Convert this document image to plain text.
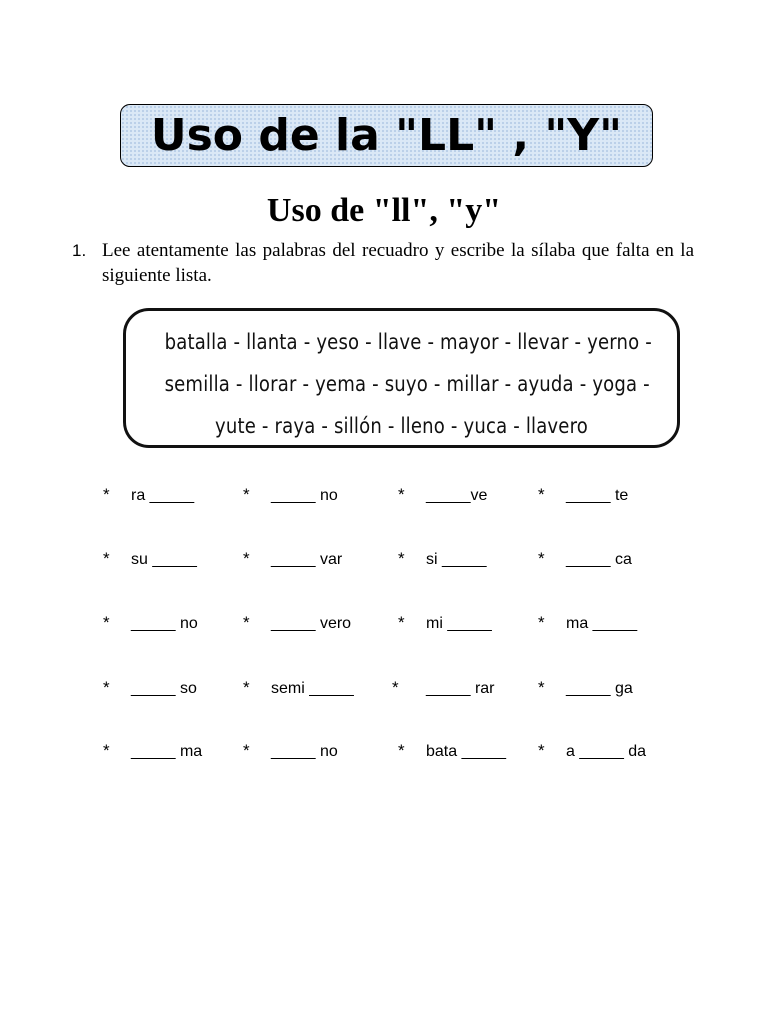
Uso de la "LL" , "Y"
Uso de "ll", "y"
1. Lee atentamente las palabras del recuadro y escribe la sílaba que falta en la siguiente lista.
batalla - llanta - yeso - llave - mayor - llevar - yerno -
semilla - llorar - yema - suyo - millar - ayuda - yoga -
yute - raya - sillón - lleno - yuca - llavero
* ra _____	* _____ no	* _____ve	* _____ te
* su _____	* _____ var	* si _____	* _____ ca
* _____ no	* _____ vero	* mi _____	* ma _____
* _____ so	* semi _____ * _____ rar	* _____ ga
* _____ ma * _____ no	* bata _____ * a _____ da
